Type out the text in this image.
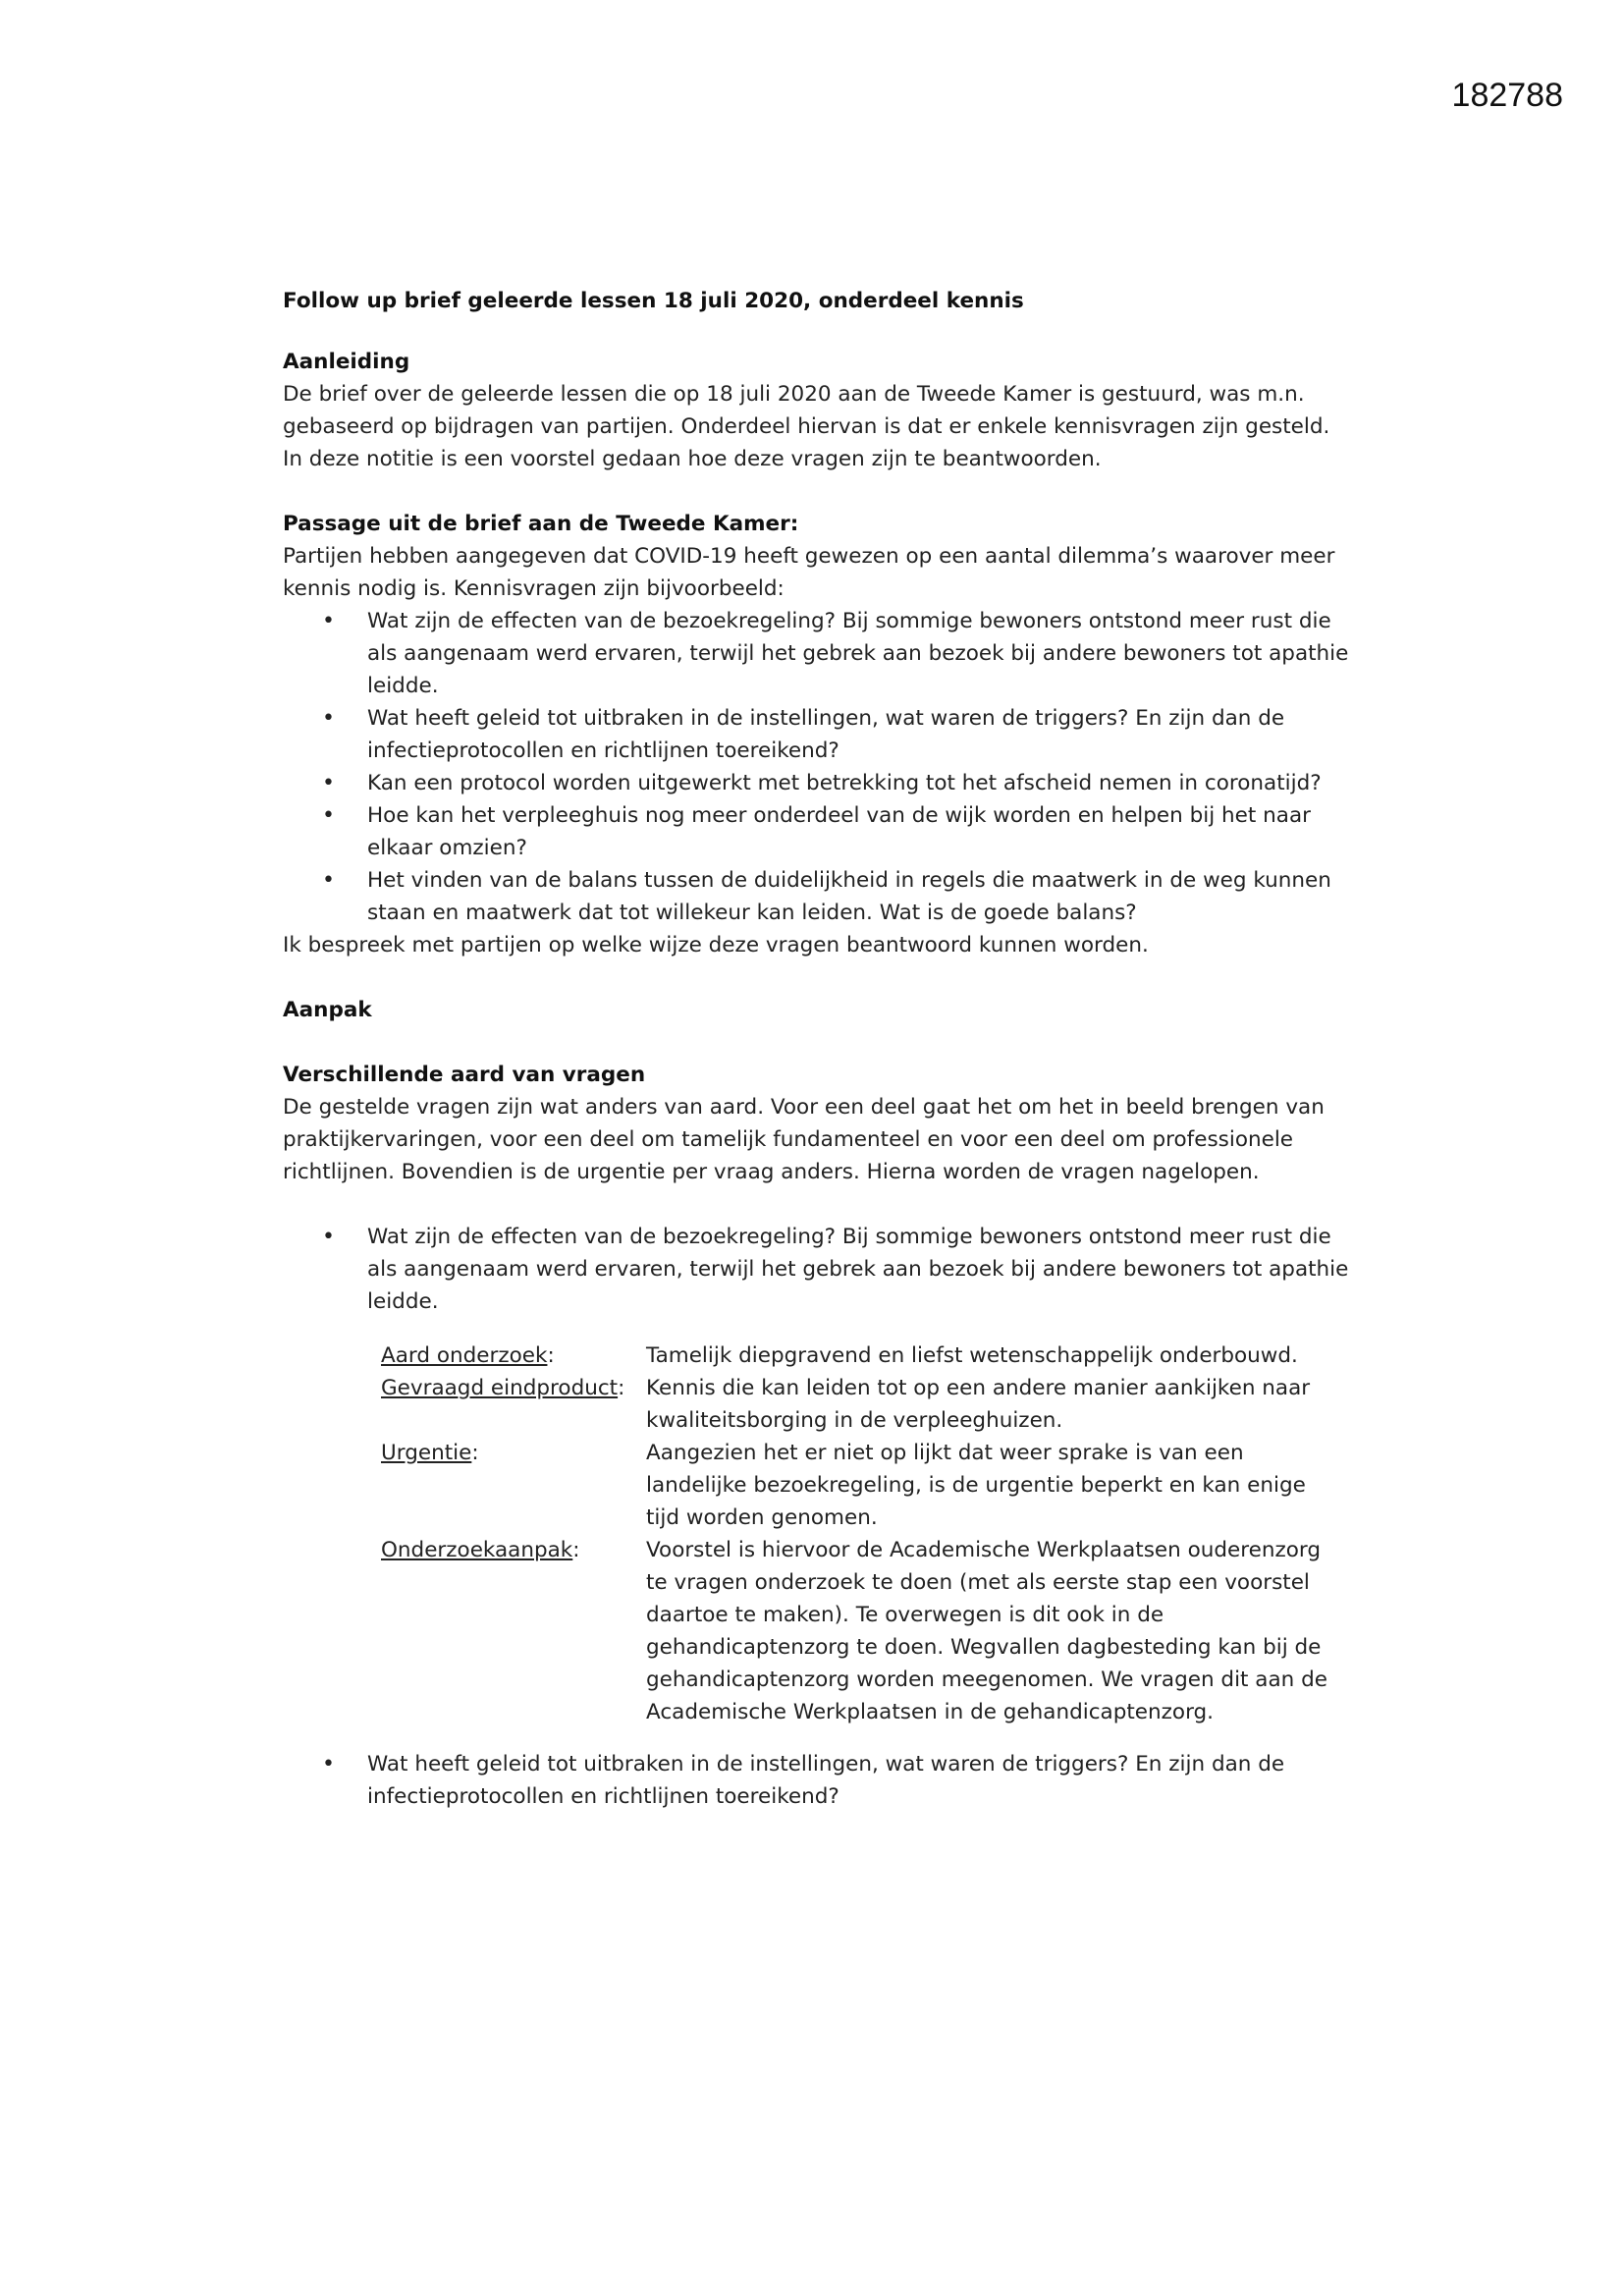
182788

Follow up brief geleerde lessen 18 juli 2020, onderdeel kennis

Aanleiding

De brief over de geleerde lessen die op 18 juli 2020 aan de Tweede Kamer is gestuurd, was m.n. gebaseerd op bijdragen van partijen. Onderdeel hiervan is dat er enkele kennisvragen zijn gesteld. In deze notitie is een voorstel gedaan hoe deze vragen zijn te beantwoorden.

Passage uit de brief aan de Tweede Kamer:

Partijen hebben aangegeven dat COVID-19 heeft gewezen op een aantal dilemma’s waarover meer kennis nodig is. Kennisvragen zijn bijvoorbeeld:

• Wat zijn de effecten van de bezoekregeling? Bij sommige bewoners ontstond meer rust die als aangenaam werd ervaren, terwijl het gebrek aan bezoek bij andere bewoners tot apathie leidde.
• Wat heeft geleid tot uitbraken in de instellingen, wat waren de triggers? En zijn dan de infectieprotocollen en richtlijnen toereikend?
• Kan een protocol worden uitgewerkt met betrekking tot het afscheid nemen in coronatijd?
• Hoe kan het verpleeghuis nog meer onderdeel van de wijk worden en helpen bij het naar elkaar omzien?
• Het vinden van de balans tussen de duidelijkheid in regels die maatwerk in de weg kunnen staan en maatwerk dat tot willekeur kan leiden. Wat is de goede balans?

Ik bespreek met partijen op welke wijze deze vragen beantwoord kunnen worden.

Aanpak

Verschillende aard van vragen

De gestelde vragen zijn wat anders van aard. Voor een deel gaat het om het in beeld brengen van praktijkervaringen, voor een deel om tamelijk fundamenteel en voor een deel om professionele richtlijnen. Bovendien is de urgentie per vraag anders. Hierna worden de vragen nagelopen.

• Wat zijn de effecten van de bezoekregeling? Bij sommige bewoners ontstond meer rust die als aangenaam werd ervaren, terwijl het gebrek aan bezoek bij andere bewoners tot apathie leidde.
Aard onderzoek:	Tamelijk diepgravend en liefst wetenschappelijk onderbouwd.
Gevraagd eindproduct:	Kennis die kan leiden tot op een andere manier aankijken naar kwaliteitsborging in de verpleeghuizen.
Urgentie:	Aangezien het er niet op lijkt dat weer sprake is van een landelijke bezoekregeling, is de urgentie beperkt en kan enige tijd worden genomen.
Onderzoekaanpak:	Voorstel is hiervoor de Academische Werkplaatsen ouderenzorg te vragen onderzoek te doen (met als eerste stap een voorstel daartoe te maken). Te overwegen is dit ook in de gehandicaptenzorg te doen. Wegvallen dagbesteding kan bij de gehandicaptenzorg worden meegenomen. We vragen dit aan de Academische Werkplaatsen in de gehandicaptenzorg.
• Wat heeft geleid tot uitbraken in de instellingen, wat waren de triggers? En zijn dan de infectieprotocollen en richtlijnen toereikend?
